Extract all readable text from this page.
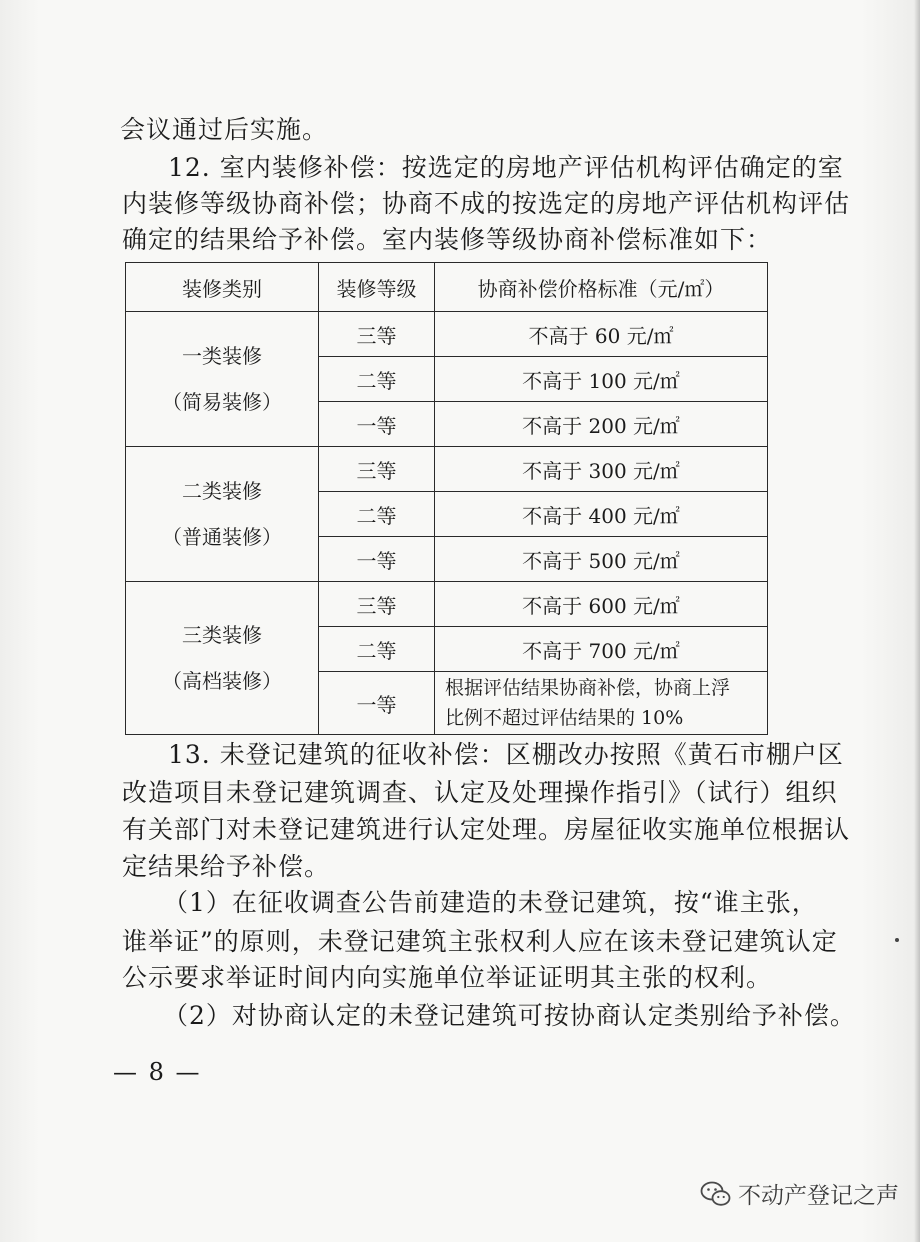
会议通过后实施。
12. 室内装修补偿：按选定的房地产评估机构评估确定的室
内装修等级协商补偿；协商不成的按选定的房地产评估机构评估
确定的结果给予补偿。室内装修等级协商补偿标准如下：
装修类别	装修等级	协商补偿价格标准（元/㎡）

一类装修
（简易装修）	三等	不高于 60 元/㎡
	二等	不高于 100 元/㎡
	一等	不高于 200 元/㎡

二类装修
（普通装修）	三等	不高于 300 元/㎡
	二等	不高于 400 元/㎡
	一等	不高于 500 元/㎡

三类装修
（高档装修）	三等	不高于 600 元/㎡
	二等	不高于 700 元/㎡
	一等	根据评估结果协商补偿，协商上浮
比例不超过评估结果的 10%
13. 未登记建筑的征收补偿：区棚改办按照《黄石市棚户区
改造项目未登记建筑调查、认定及处理操作指引》（试行）组织
有关部门对未登记建筑进行认定处理。房屋征收实施单位根据认
定结果给予补偿。
（1）在征收调查公告前建造的未登记建筑，按“谁主张，
谁举证”的原则，未登记建筑主张权利人应在该未登记建筑认定
公示要求举证时间内向实施单位举证证明其主张的权利。
（2）对协商认定的未登记建筑可按协商认定类别给予补偿。
— 8 —
不动产登记之声
